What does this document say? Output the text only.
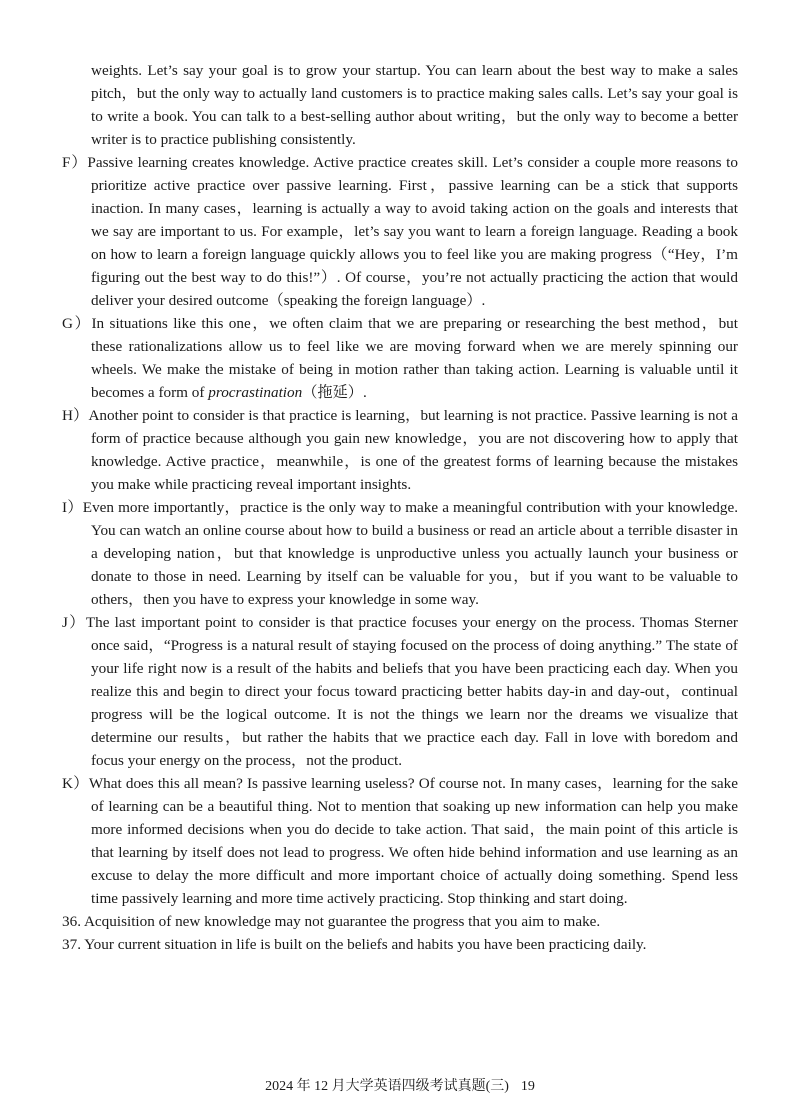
weights. Let’s say your goal is to grow your startup. You can learn about the best way to make a sales pitch，but the only way to actually land customers is to practice making sales calls. Let’s say your goal is to write a book. You can talk to a best-selling author about writing，but the only way to become a better writer is to practice publishing consistently.

F）Passive learning creates knowledge. Active practice creates skill. Let’s consider a couple more reasons to prioritize active practice over passive learning. First，passive learning can be a stick that supports inaction. In many cases，learning is actually a way to avoid taking action on the goals and interests that we say are important to us. For example，let’s say you want to learn a foreign language. Reading a book on how to learn a foreign language quickly allows you to feel like you are making progress（“Hey，I’m figuring out the best way to do this!”）. Of course，you’re not actually practicing the action that would deliver your desired outcome（speaking the foreign language）.

G）In situations like this one，we often claim that we are preparing or researching the best method，but these rationalizations allow us to feel like we are moving forward when we are merely spinning our wheels. We make the mistake of being in motion rather than taking action. Learning is valuable until it becomes a form of procrastination（拖延）.

H）Another point to consider is that practice is learning，but learning is not practice. Passive learning is not a form of practice because although you gain new knowledge，you are not discovering how to apply that knowledge. Active practice，meanwhile，is one of the greatest forms of learning because the mistakes you make while practicing reveal important insights.

I）Even more importantly，practice is the only way to make a meaningful contribution with your knowledge. You can watch an online course about how to build a business or read an article about a terrible disaster in a developing nation，but that knowledge is unproductive unless you actually launch your business or donate to those in need. Learning by itself can be valuable for you，but if you want to be valuable to others，then you have to express your knowledge in some way.

J）The last important point to consider is that practice focuses your energy on the process. Thomas Sterner once said，“Progress is a natural result of staying focused on the process of doing anything.” The state of your life right now is a result of the habits and beliefs that you have been practicing each day. When you realize this and begin to direct your focus toward practicing better habits day-in and day-out，continual progress will be the logical outcome. It is not the things we learn nor the dreams we visualize that determine our results，but rather the habits that we practice each day. Fall in love with boredom and focus your energy on the process，not the product.

K）What does this all mean? Is passive learning useless? Of course not. In many cases，learning for the sake of learning can be a beautiful thing. Not to mention that soaking up new information can help you make more informed decisions when you do decide to take action. That said，the main point of this article is that learning by itself does not lead to progress. We often hide behind information and use learning as an excuse to delay the more difficult and more important choice of actually doing something. Spend less time passively learning and more time actively practicing. Stop thinking and start doing.

36. Acquisition of new knowledge may not guarantee the progress that you aim to make.

37. Your current situation in life is built on the beliefs and habits you have been practicing daily.

2024 年 12 月大学英语四级考试真题(三) 19
